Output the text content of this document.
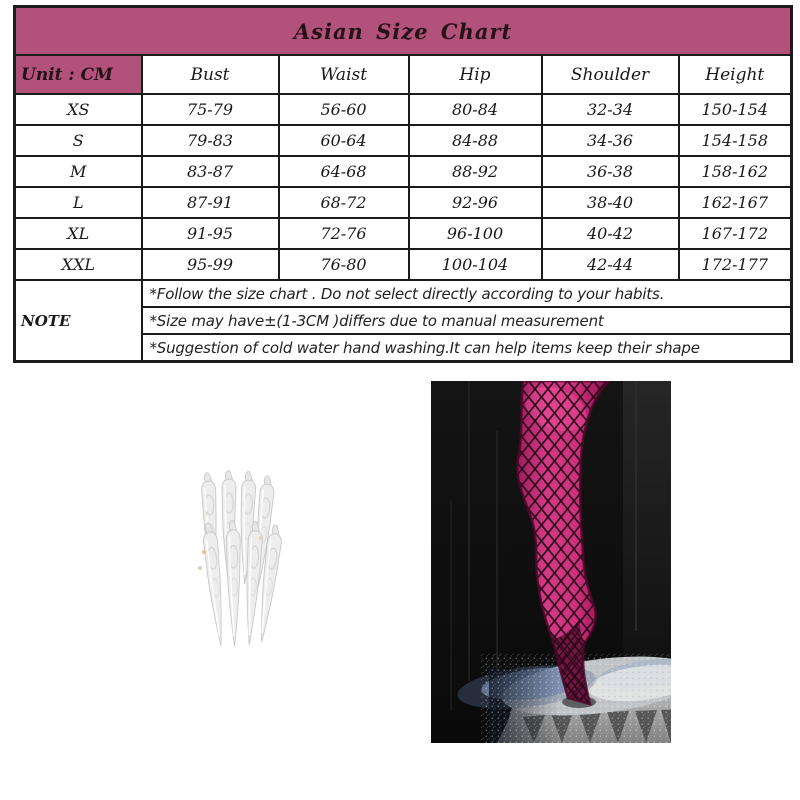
Asian Size Chart					
Unit : CM	Bust	Waist	Hip	Shoulder	Height
XS	75-79	56-60	80-84	32-34	150-154
S	79-83	60-64	84-88	34-36	154-158
M	83-87	64-68	88-92	36-38	158-162
L	87-91	68-72	92-96	38-40	162-167
XL	91-95	72-76	96-100	40-42	167-172
XXL	95-99	76-80	100-104	42-44	172-177
NOTE	*Follow the size chart . Do not select directly according to your habits.				
	*Size may have±(1-3CM )differs due to manual measurement				
	*Suggestion of cold water hand washing.It can help items keep their shape				
